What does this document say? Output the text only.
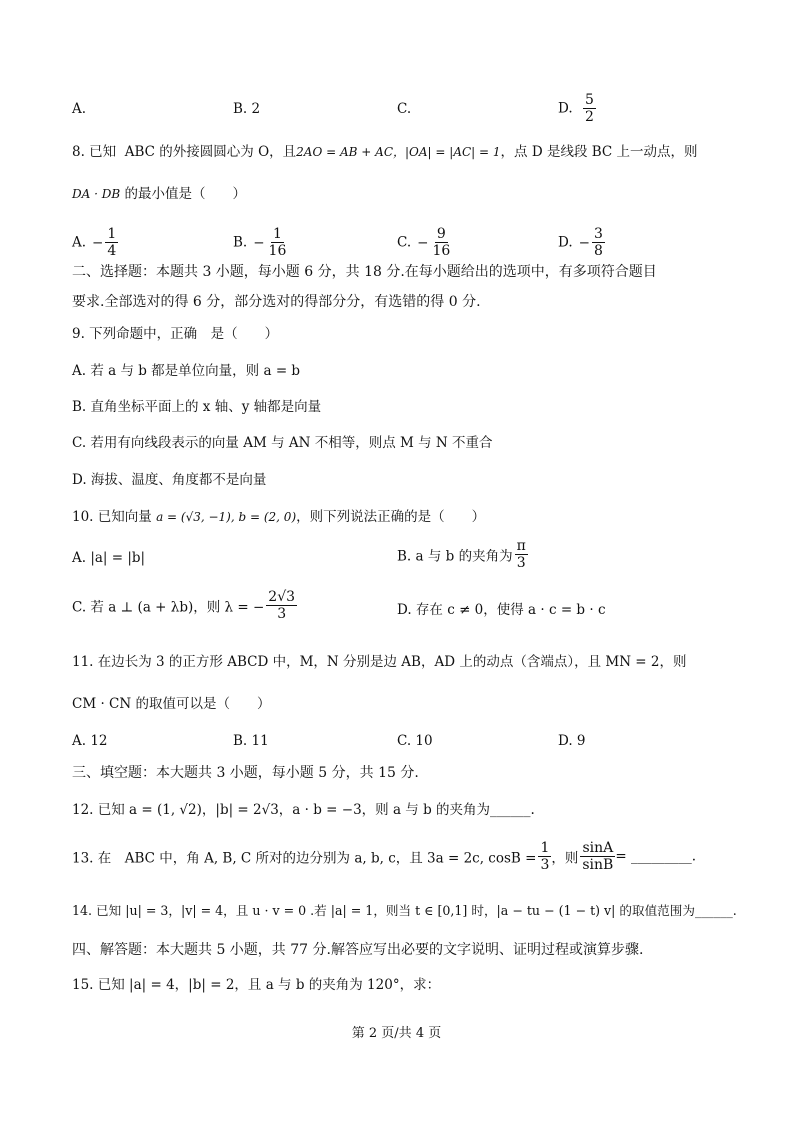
A.	B. 2	C.	D. $\frac{5}{2}$
8. 已知 ABC 的外接圆圆心为 O，且2AO = AB + AC，|OA| = |AC| = 1，点 D 是线段 BC 上一动点，则
DA · DB 的最小值是（　　）
A. − $\frac{1}{4}$	B. − $\frac{1}{16}$	C. − $\frac{9}{16}$	D. − $\frac{3}{8}$
二、选择题：本题共 3 小题，每小题 6 分，共 18 分.在每小题给出的选项中，有多项符合题目
要求.全部选对的得 6 分，部分选对的得部分分，有选错的得 0 分.
9. 下列命题中，正确　是（　　）
A. 若 a 与 b 都是单位向量，则 a = b
B. 直角坐标平面上的 x 轴、y 轴都是向量
C. 若用有向线段表示的向量 AM 与 AN 不相等，则点 M 与 N 不重合
D. 海拔、温度、角度都不是向量
10. 已知向量 a = (√3, −1), b = (2, 0)，则下列说法正确的是（　　）
A. |a| = |b|	B. a 与 b 的夹角为 $\frac{\pi}{3}$
C. 若 a ⊥ (a + λb)，则 λ = − $\frac{2√3}{3}$	D. 存在 c ≠ 0，使得 a · c = b · c
11. 在边长为 3 的正方形 ABCD 中，M，N 分别是边 AB，AD 上的动点（含端点），且 MN = 2，则
CM · CN 的取值可以是（　　）
A. 12	B. 11	C. 10	D. 9
三、填空题：本大题共 3 小题，每小题 5 分，共 15 分.
12. 已知 a = (1, √2)，|b| = 2√3，a · b = −3，则 a 与 b 的夹角为______.
13. 在　ABC 中，角 A, B, C 所对的边分别为 a, b, c，且 3a = 2c, $\cos B = \frac{1}{3}$ ，则 $\frac{\sin A}{\sin B}$ = _________.
14. 已知 |u| = 3，|v| = 4，且 u · v = 0 .若 |a| = 1，则当 t ∈ [0,1] 时，|a − tu − (1 − t) v| 的取值范围为______.
四、解答题：本大题共 5 小题，共 77 分.解答应写出必要的文字说明、证明过程或演算步骤.
15. 已知 |a| = 4，|b| = 2，且 a 与 b 的夹角为 120°，求：
第 2 页/共 4 页
